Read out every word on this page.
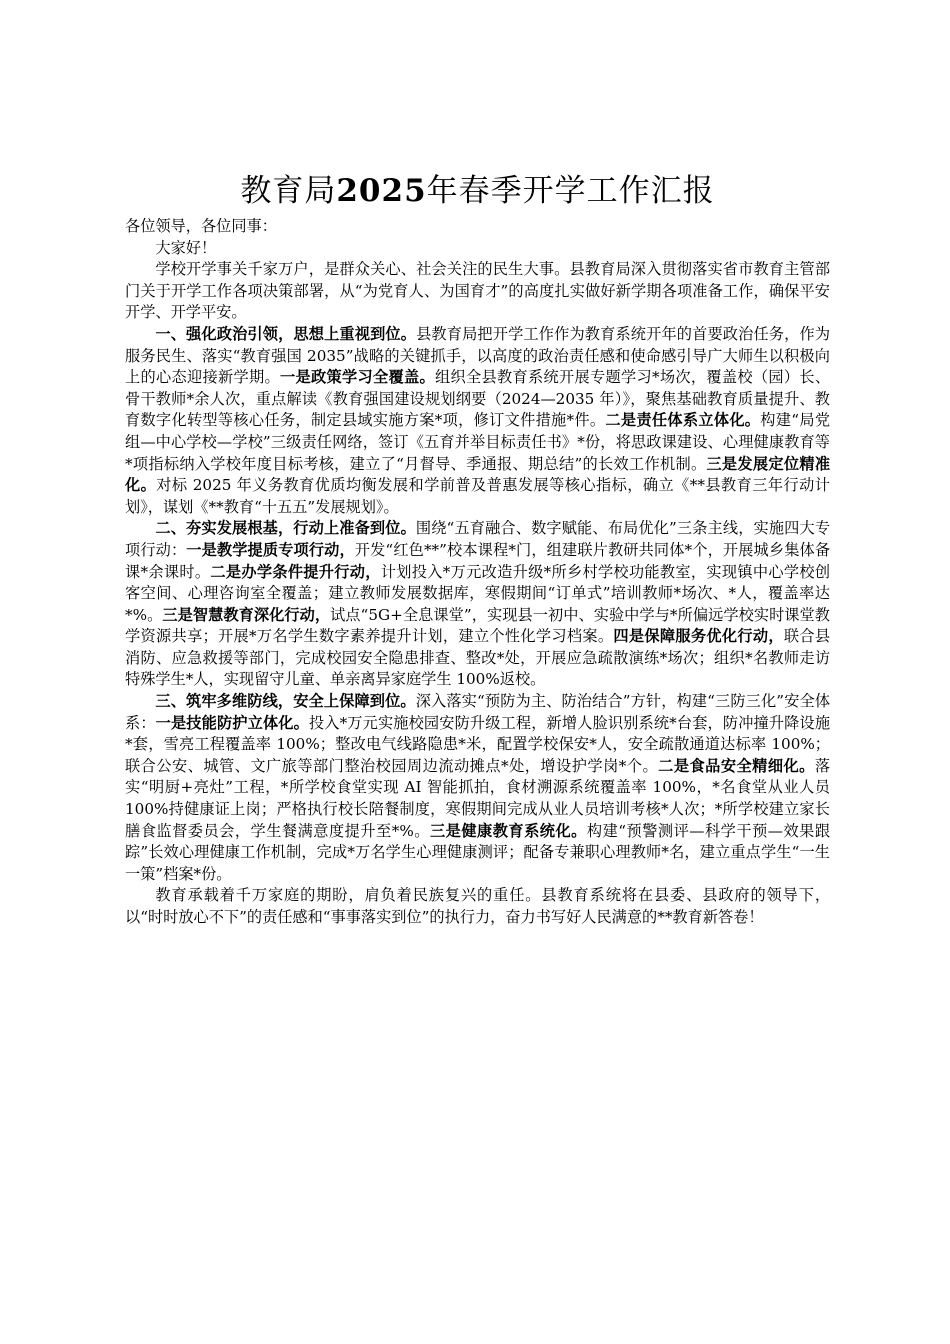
教育局2025年春季开学工作汇报

各位领导，各位同事：

大家好！

学校开学事关千家万户，是群众关心、社会关注的民生大事。县教育局深入贯彻落实省市教育主管部门关于开学工作各项决策部署，从“为党育人、为国育才”的高度扎实做好新学期各项准备工作，确保平安开学、开学平安。

一、强化政治引领，思想上重视到位。县教育局把开学工作作为教育系统开年的首要政治任务，作为服务民生、落实“教育强国 2035”战略的关键抓手，以高度的政治责任感和使命感引导广大师生以积极向上的心态迎接新学期。一是政策学习全覆盖。组织全县教育系统开展专题学习*场次，覆盖校（园）长、骨干教师*余人次，重点解读《教育强国建设规划纲要（2024—2035 年）》，聚焦基础教育质量提升、教育数字化转型等核心任务，制定县域实施方案*项，修订文件措施*件。二是责任体系立体化。构建“局党组—中心学校—学校”三级责任网络，签订《五育并举目标责任书》*份，将思政课建设、心理健康教育等*项指标纳入学校年度目标考核，建立了“月督导、季通报、期总结”的长效工作机制。三是发展定位精准化。对标 2025 年义务教育优质均衡发展和学前普及普惠发展等核心指标，确立《**县教育三年行动计划》，谋划《**教育“十五五”发展规划》。

二、夯实发展根基，行动上准备到位。围绕“五育融合、数字赋能、布局优化”三条主线，实施四大专项行动：一是教学提质专项行动，开发“红色**”校本课程*门，组建联片教研共同体*个，开展城乡集体备课*余课时。二是办学条件提升行动，计划投入*万元改造升级*所乡村学校功能教室，实现镇中心学校创客空间、心理咨询室全覆盖；建立教师发展数据库，寒假期间“订单式”培训教师*场次、*人，覆盖率达*%。三是智慧教育深化行动，试点“5G+全息课堂”，实现县一初中、实验中学与*所偏远学校实时课堂教学资源共享；开展*万名学生数字素养提升计划，建立个性化学习档案。四是保障服务优化行动，联合县消防、应急救援等部门，完成校园安全隐患排查、整改*处，开展应急疏散演练*场次；组织*名教师走访特殊学生*人，实现留守儿童、单亲离异家庭学生 100%返校。

三、筑牢多维防线，安全上保障到位。深入落实“预防为主、防治结合”方针，构建“三防三化”安全体系：一是技能防护立体化。投入*万元实施校园安防升级工程，新增人脸识别系统*台套，防冲撞升降设施*套，雪亮工程覆盖率 100%；整改电气线路隐患*米，配置学校保安*人，安全疏散通道达标率 100%；联合公安、城管、文广旅等部门整治校园周边流动摊点*处，增设护学岗*个。二是食品安全精细化。落实“明厨+亮灶”工程，*所学校食堂实现 AI 智能抓拍，食材溯源系统覆盖率 100%，*名食堂从业人员 100%持健康证上岗；严格执行校长陪餐制度，寒假期间完成从业人员培训考核*人次；*所学校建立家长膳食监督委员会，学生餐满意度提升至*%。三是健康教育系统化。构建“预警测评—科学干预—效果跟踪”长效心理健康工作机制，完成*万名学生心理健康测评；配备专兼职心理教师*名，建立重点学生“一生一策”档案*份。

教育承载着千万家庭的期盼，肩负着民族复兴的重任。县教育系统将在县委、县政府的领导下，以“时时放心不下”的责任感和“事事落实到位”的执行力，奋力书写好人民满意的**教育新答卷！
